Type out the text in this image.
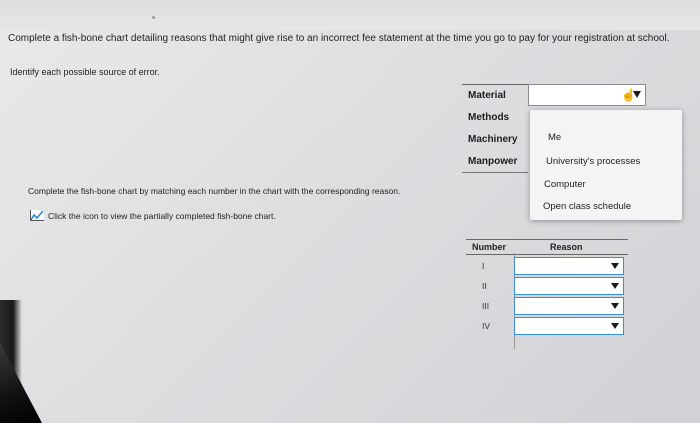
Complete a fish-bone chart detailing reasons that might give rise to an incorrect fee statement at the time you go to pay for your registration at school.
Identify each possible source of error.
Material
Methods
Machinery
Manpower
☝
Me
University's processes
Computer
Open class schedule
Complete the fish-bone chart by matching each number in the chart with the corresponding reason.
Click the icon to view the partially completed fish-bone chart.
Number	Reason
I
II
III
IV
